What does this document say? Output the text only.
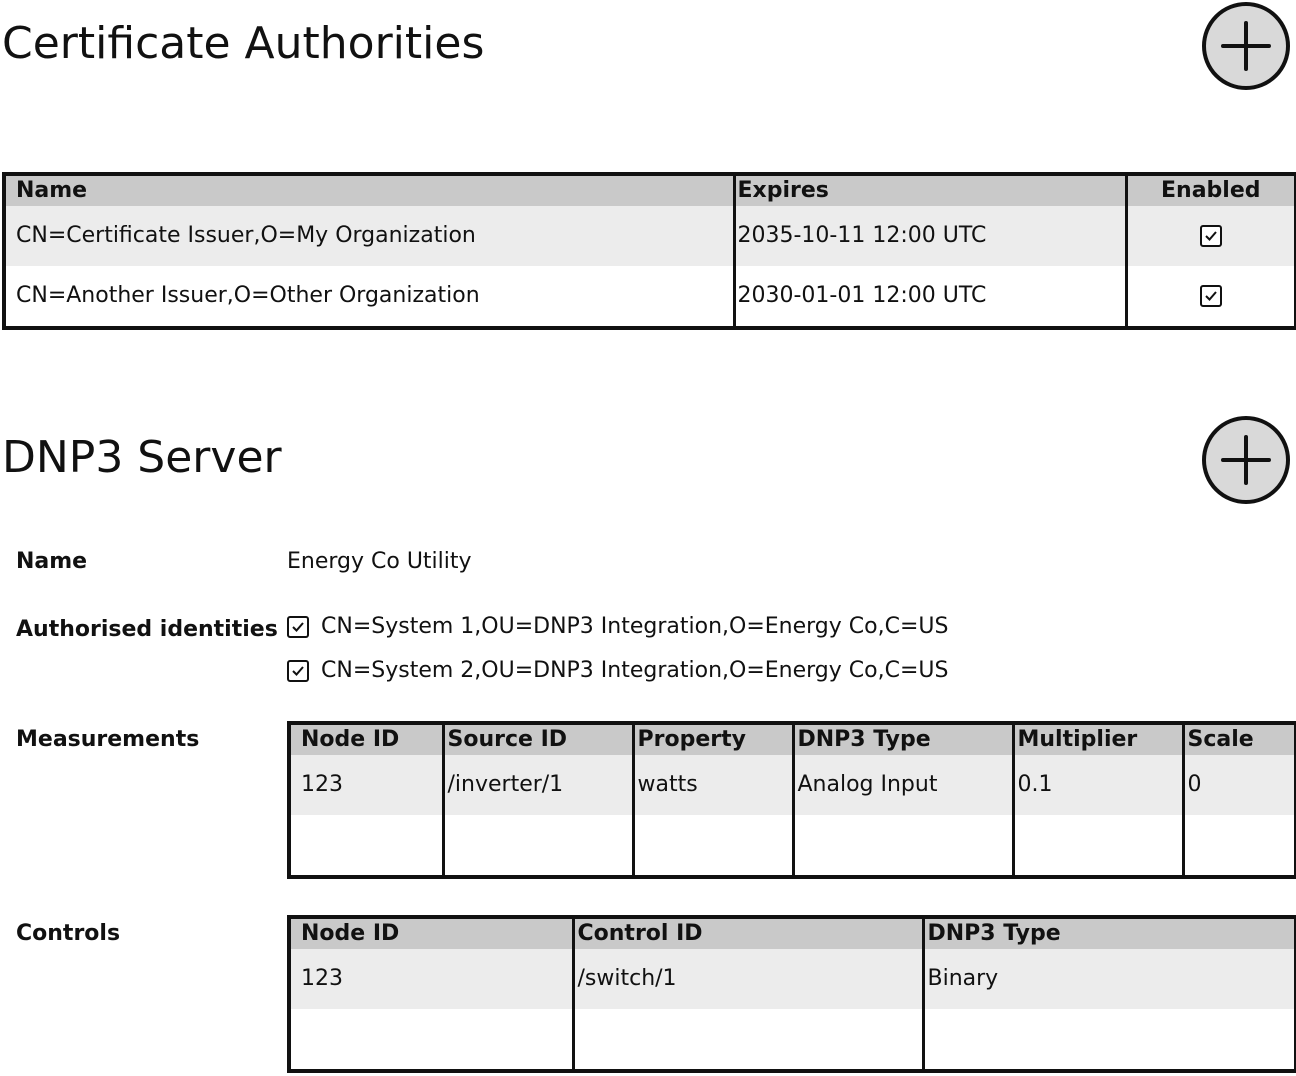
Certificate Authorities
Name	Expires	Enabled
CN=Certificate Issuer,O=My Organization	2035-10-11 12:00 UTC	

CN=Another Issuer,O=Other Organization	2030-01-01 12:00 UTC	
DNP3 Server
Name	Energy Co Utility
Authorised identities CN=System 1,OU=DNP3 Integration,O=Energy Co,C=US
CN=System 2,OU=DNP3 Integration,O=Energy Co,C=US
Measurements	Node ID	Source ID	Property	DNP3 Type	Multiplier	Scale
123	/inverter/1	watts	Analog Input	0.1	0

Controls	Node ID	Control ID	DNP3 Type
123	/switch/1	Binary
